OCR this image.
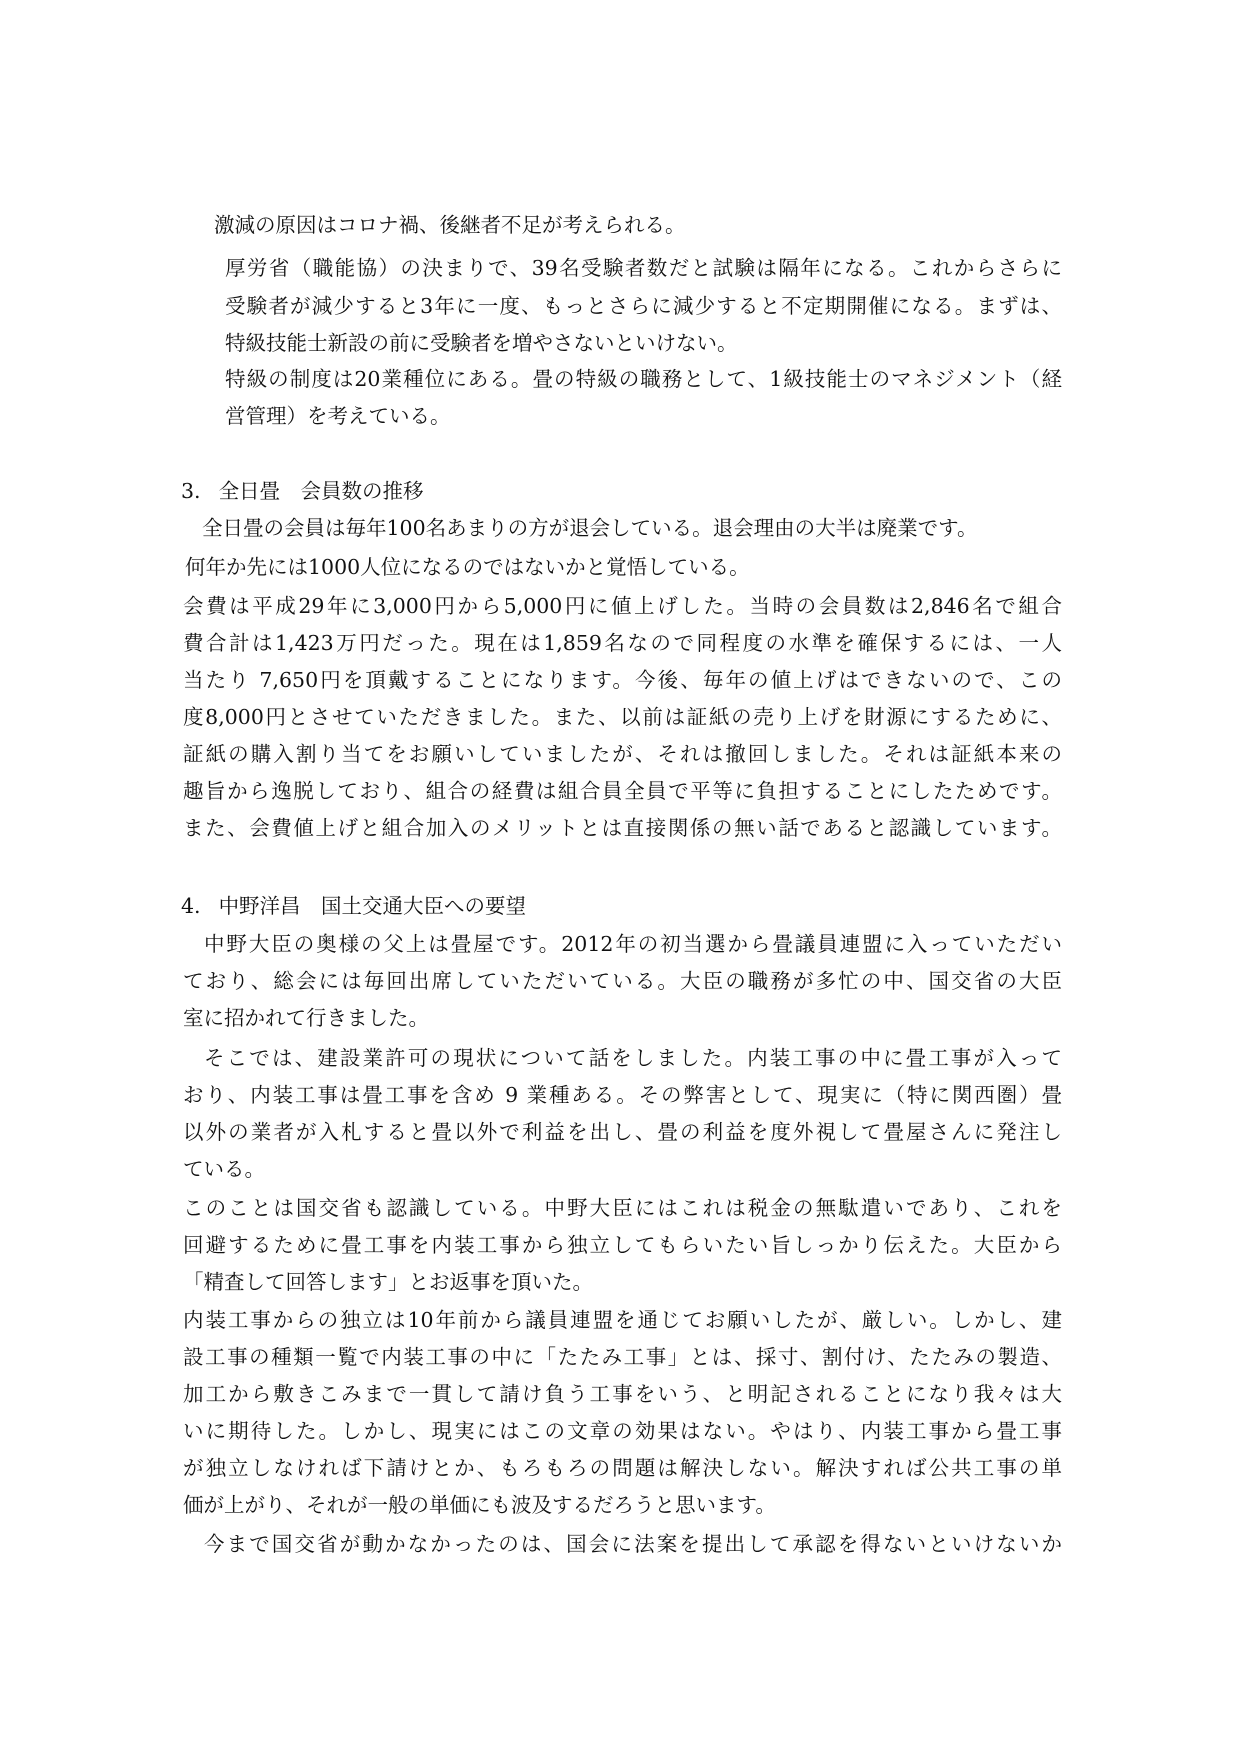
激減の原因はコロナ禍、後継者不足が考えられる。
厚労省（職能協）の決まりで、39名受験者数だと試験は隔年になる。これからさらに
受験者が減少すると3年に一度、もっとさらに減少すると不定期開催になる。まずは、
特級技能士新設の前に受験者を増やさないといけない。
特級の制度は20業種位にある。畳の特級の職務として、1級技能士のマネジメント（経
営管理）を考えている。
3. 全日畳　会員数の推移
全日畳の会員は毎年100名あまりの方が退会している。退会理由の大半は廃業です。
何年か先には1000人位になるのではないかと覚悟している。
会費は平成29年に3,000円から5,000円に値上げした。当時の会員数は2,846名で組合
費合計は1,423万円だった。現在は1,859名なので同程度の水準を確保するには、一人
当たり 7,650円を頂戴することになります。今後、毎年の値上げはできないので、この
度8,000円とさせていただきました。また、以前は証紙の売り上げを財源にするために、
証紙の購入割り当てをお願いしていましたが、それは撤回しました。それは証紙本来の
趣旨から逸脱しており、組合の経費は組合員全員で平等に負担することにしたためです。
また、会費値上げと組合加入のメリットとは直接関係の無い話であると認識しています。
4. 中野洋昌　国土交通大臣への要望
中野大臣の奥様の父上は畳屋です。2012年の初当選から畳議員連盟に入っていただい
ており、総会には毎回出席していただいている。大臣の職務が多忙の中、国交省の大臣
室に招かれて行きました。
そこでは、建設業許可の現状について話をしました。内装工事の中に畳工事が入って
おり、内装工事は畳工事を含め 9 業種ある。その弊害として、現実に（特に関西圏）畳
以外の業者が入札すると畳以外で利益を出し、畳の利益を度外視して畳屋さんに発注し
ている。
このことは国交省も認識している。中野大臣にはこれは税金の無駄遣いであり、これを
回避するために畳工事を内装工事から独立してもらいたい旨しっかり伝えた。大臣から
「精査して回答します」とお返事を頂いた。
内装工事からの独立は10年前から議員連盟を通じてお願いしたが、厳しい。しかし、建
設工事の種類一覧で内装工事の中に「たたみ工事」とは、採寸、割付け、たたみの製造、
加工から敷きこみまで一貫して請け負う工事をいう、と明記されることになり我々は大
いに期待した。しかし、現実にはこの文章の効果はない。やはり、内装工事から畳工事
が独立しなければ下請けとか、もろもろの問題は解決しない。解決すれば公共工事の単
価が上がり、それが一般の単価にも波及するだろうと思います。
今まで国交省が動かなかったのは、国会に法案を提出して承認を得ないといけないか
